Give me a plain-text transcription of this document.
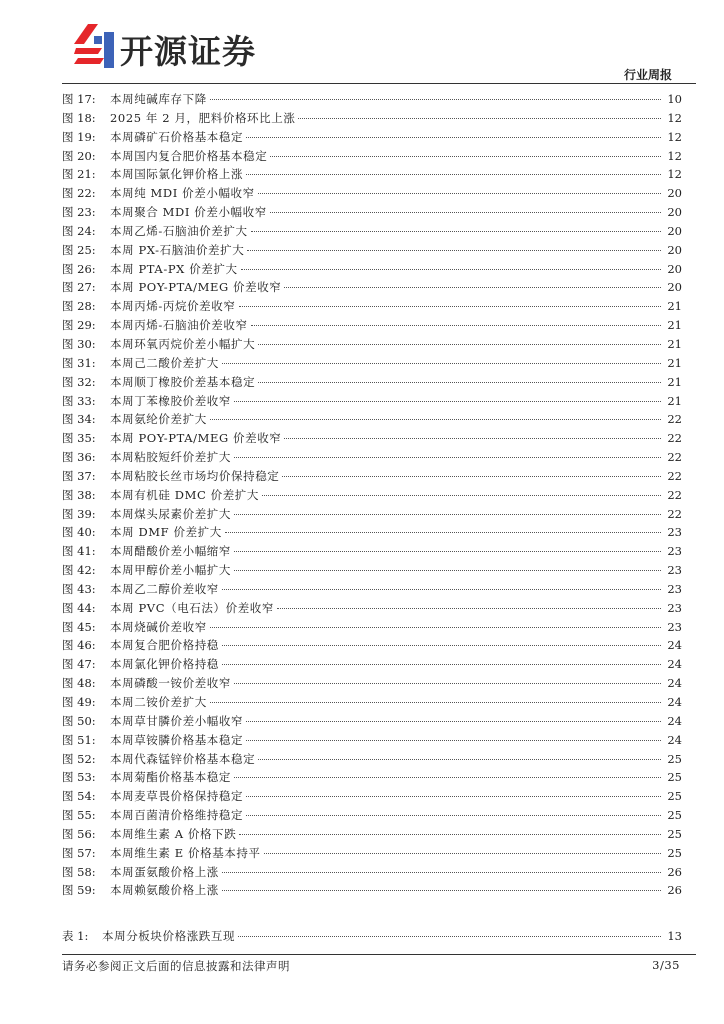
开源证券
行业周报
图 17:	本周纯碱库存下降	10
图 18:	2025 年 2 月，肥料价格环比上涨	12
图 19:	本周磷矿石价格基本稳定	12
图 20:	本周国内复合肥价格基本稳定	12
图 21:	本周国际氯化钾价格上涨	12
图 22:	本周纯 MDI 价差小幅收窄	20
图 23:	本周聚合 MDI 价差小幅收窄	20
图 24:	本周乙烯-石脑油价差扩大	20
图 25:	本周 PX-石脑油价差扩大	20
图 26:	本周 PTA-PX 价差扩大	20
图 27:	本周 POY-PTA/MEG 价差收窄	20
图 28:	本周丙烯-丙烷价差收窄	21
图 29:	本周丙烯-石脑油价差收窄	21
图 30:	本周环氧丙烷价差小幅扩大	21
图 31:	本周己二酸价差扩大	21
图 32:	本周顺丁橡胶价差基本稳定	21
图 33:	本周丁苯橡胶价差收窄	21
图 34:	本周氨纶价差扩大	22
图 35:	本周 POY-PTA/MEG 价差收窄	22
图 36:	本周粘胶短纤价差扩大	22
图 37:	本周粘胶长丝市场均价保持稳定	22
图 38:	本周有机硅 DMC 价差扩大	22
图 39:	本周煤头尿素价差扩大	22
图 40:	本周 DMF 价差扩大	23
图 41:	本周醋酸价差小幅缩窄	23
图 42:	本周甲醇价差小幅扩大	23
图 43:	本周乙二醇价差收窄	23
图 44:	本周 PVC（电石法）价差收窄	23
图 45:	本周烧碱价差收窄	23
图 46:	本周复合肥价格持稳	24
图 47:	本周氯化钾价格持稳	24
图 48:	本周磷酸一铵价差收窄	24
图 49:	本周二铵价差扩大	24
图 50:	本周草甘膦价差小幅收窄	24
图 51:	本周草铵膦价格基本稳定	24
图 52:	本周代森锰锌价格基本稳定	25
图 53:	本周菊酯价格基本稳定	25
图 54:	本周麦草畏价格保持稳定	25
图 55:	本周百菌清价格维持稳定	25
图 56:	本周维生素 A 价格下跌	25
图 57:	本周维生素 E 价格基本持平	25
图 58:	本周蛋氨酸价格上涨	26
图 59:	本周赖氨酸价格上涨	26
表 1:	本周分板块价格涨跌互现	13
请务必参阅正文后面的信息披露和法律声明	3/35
